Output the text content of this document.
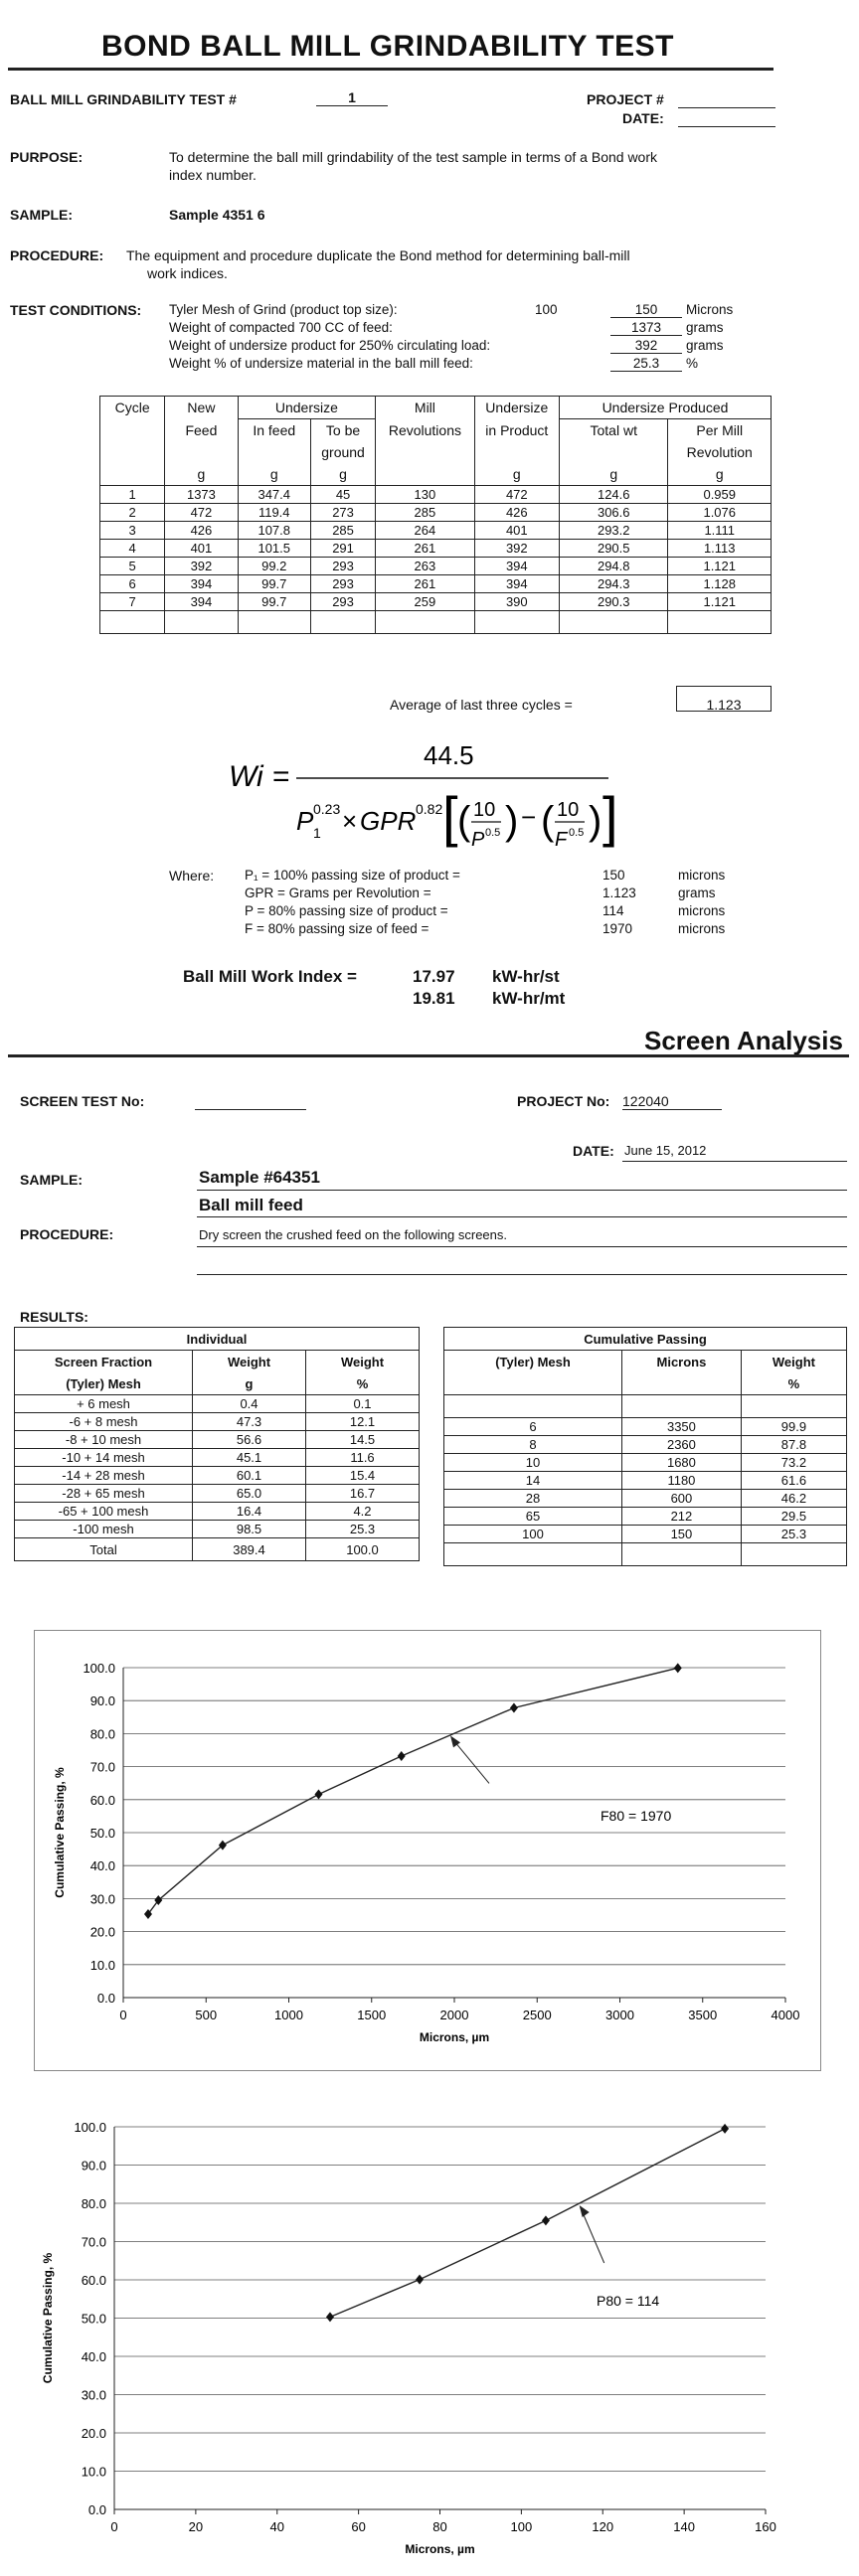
BOND BALL MILL GRINDABILITY TEST
BALL MILL GRINDABILITY TEST #	1	PROJECT #
DATE:
PURPOSE:	To determine the ball mill grindability of the test sample in terms of a Bond work
index number.
SAMPLE:	Sample 4351 6
PROCEDURE: The equipment and procedure duplicate the Bond method for determining ball-mill
work indices.
TEST CONDITIONS: Tyler Mesh of Grind (product top size):	100	150	Microns
Weight of compacted 700 CC of feed:	1373	grams
Weight of undersize product for 250% circulating load:	392	grams
Weight % of undersize material in the ball mill feed:	25.3	%
Cycle	New	Undersize		Mill	Undersize	Undersize Produced	
	Feed	In feed	To be	Revolutions	in Product	Total wt	Per Mill
			ground				Revolution
	g	g	g		g	g	g
1	1373	347.4	45	130	472	124.6	0.959
2	472	119.4	273	285	426	306.6	1.076
3	426	107.8	285	264	401	293.2	1.111
4	401	101.5	291	261	392	290.5	1.113
5	392	99.2	293	263	394	294.8	1.121
6	394	99.7	293	261	394	294.3	1.128
7	394	99.7	293	259	390	290.3	1.121

Average of last three cycles =	1.123
Wi =
44.5
P 0.23
1 × GPR 0.82 [ ( 10
P 0.5 ) − ( 10
F 0.5 ) ]
Where: P₁ = 100% passing size of product =	150	microns
GPR = Grams per Revolution =	1.123	grams
P = 80% passing size of product =	114	microns
F = 80% passing size of feed =	1970	microns
Ball Mill Work Index =	17.97 kW-hr/st
19.81 kW-hr/mt
Screen Analysis
SCREEN TEST No:	PROJECT No: 122040
DATE: June 15, 2012
SAMPLE:	Sample #64351
Ball mill feed
PROCEDURE:	Dry screen the crushed feed on the following screens.
RESULTS:
Individual		
Screen Fraction	Weight	Weight
(Tyler) Mesh	g	%
+ 6 mesh	0.4	0.1
-6 + 8 mesh	47.3	12.1
-8 + 10 mesh	56.6	14.5
-10 + 14 mesh	45.1	11.6
-14 + 28 mesh	60.1	15.4
-28 + 65 mesh	65.0	16.7
-65 + 100 mesh	16.4	4.2
-100 mesh	98.5	25.3
Total	389.4	100.0
Cumulative Passing		
(Tyler) Mesh	Microns	Weight
		%

6	3350	99.9
8	2360	87.8
10	1680	73.2
14	1180	61.6
28	600	46.2
65	212	29.5
100	150	25.3

0.0
10.0
20.0
30.0
40.0
50.0
60.0
70.0
80.0
90.0
100.0
0	500	1000	1500	2000	2500	3000	3500	4000
Microns, µm
Cumulative Passing, %	F80 = 1970
0.0
10.0
20.0
30.0
40.0
50.0
60.0
70.0
80.0
90.0
100.0
0	20	40	60	80	100	120	140	160
Microns, µm
Cumulative Passing, %	P80 = 114
